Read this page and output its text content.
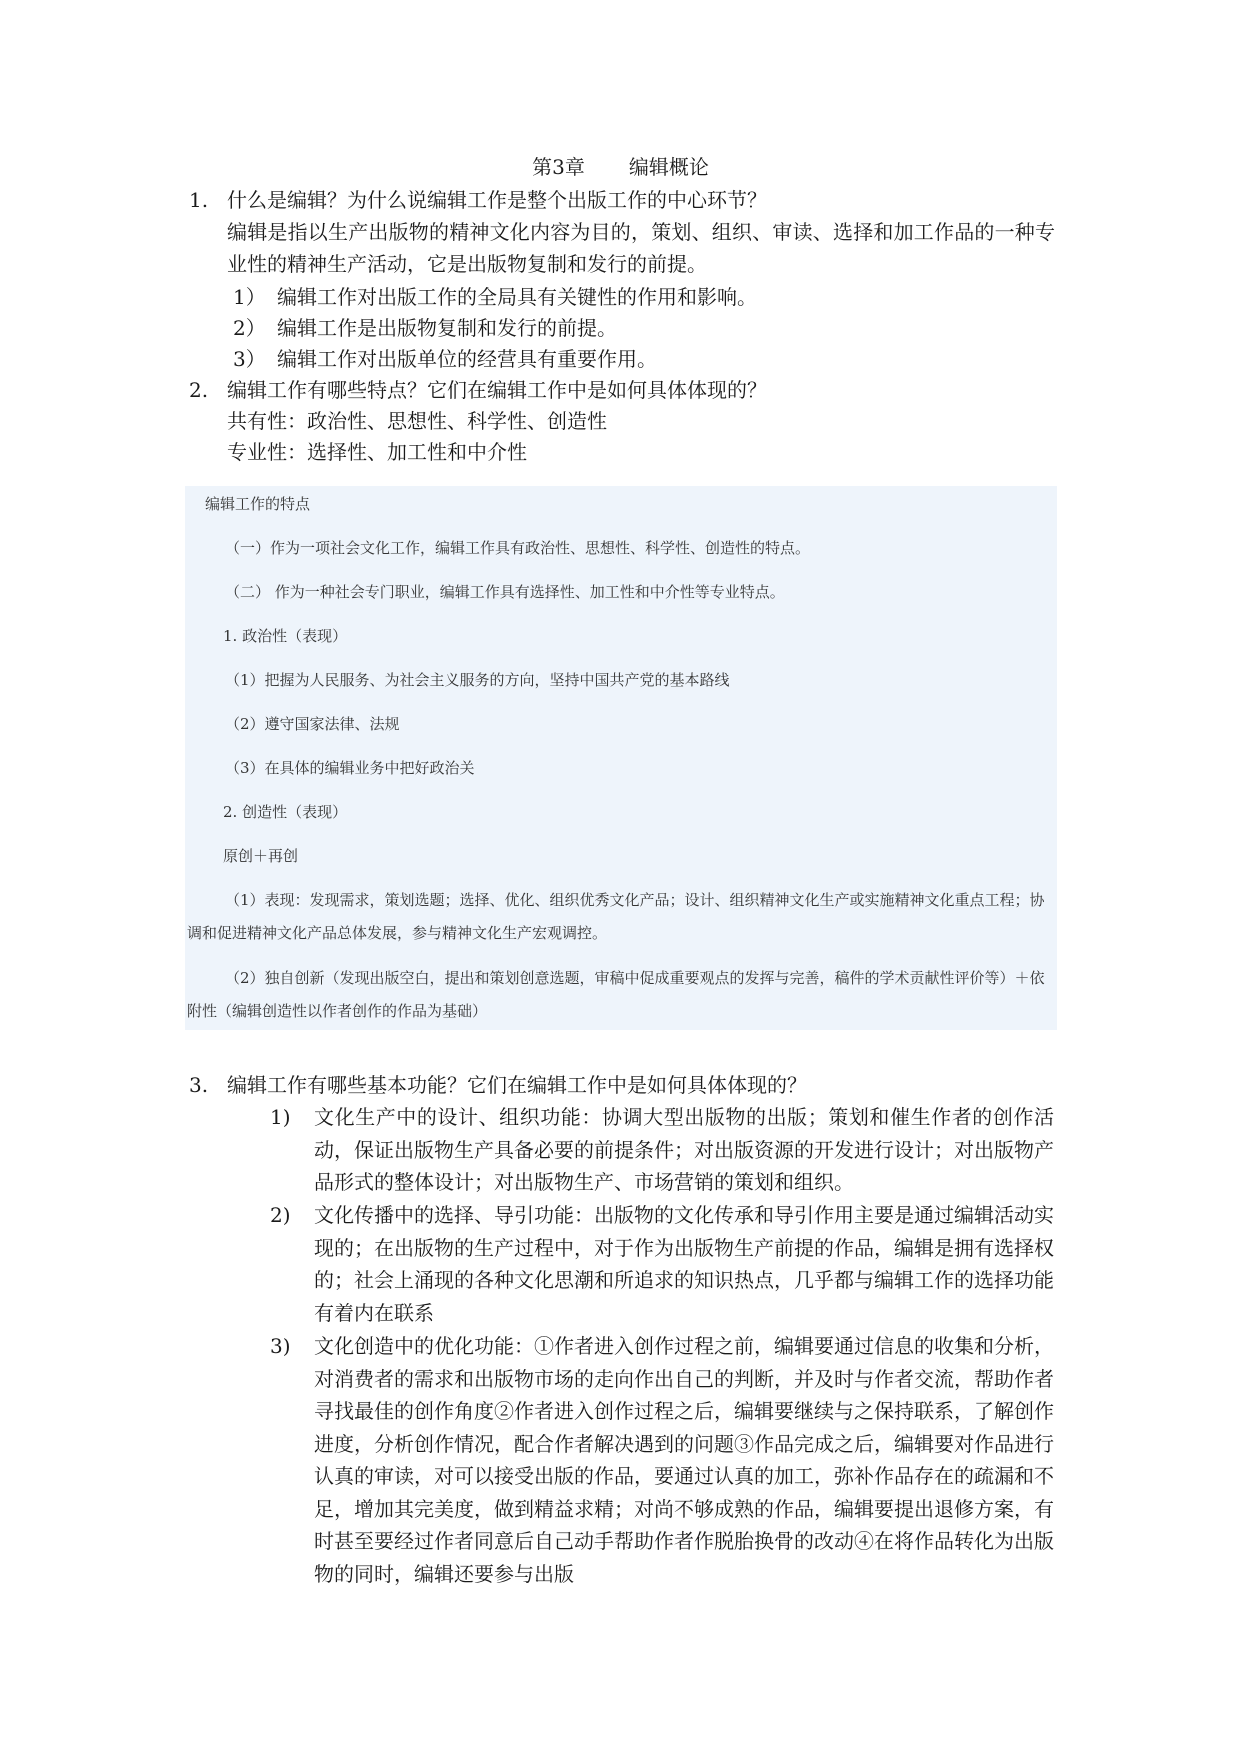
第3章 编辑概论
1. 什么是编辑？为什么说编辑工作是整个出版工作的中心环节？
编辑是指以生产出版物的精神文化内容为目的，策划、组织、审读、选择和加工作品的一种专业性的精神生产活动，它是出版物复制和发行的前提。
1） 编辑工作对出版工作的全局具有关键性的作用和影响。
2） 编辑工作是出版物复制和发行的前提。
3） 编辑工作对出版单位的经营具有重要作用。
2. 编辑工作有哪些特点？它们在编辑工作中是如何具体体现的？
共有性：政治性、思想性、科学性、创造性
专业性：选择性、加工性和中介性
编辑工作的特点
（一）作为一项社会文化工作，编辑工作具有政治性、思想性、科学性、创造性的特点。
（二） 作为一种社会专门职业，编辑工作具有选择性、加工性和中介性等专业特点。
1. 政治性（表现）
（1）把握为人民服务、为社会主义服务的方向，坚持中国共产党的基本路线
（2）遵守国家法律、法规
（3）在具体的编辑业务中把好政治关
2. 创造性（表现）
原创＋再创
（1）表现：发现需求，策划选题；选择、优化、组织优秀文化产品；设计、组织精神文化生产或实施精神文化重点工程；协调和促进精神文化产品总体发展，参与精神文化生产宏观调控。
（2）独自创新（发现出版空白，提出和策划创意选题，审稿中促成重要观点的发挥与完善，稿件的学术贡献性评价等）＋依附性（编辑创造性以作者创作的作品为基础）
3. 编辑工作有哪些基本功能？它们在编辑工作中是如何具体体现的？
1) 文化生产中的设计、组织功能：协调大型出版物的出版；策划和催生作者的创作活动，保证出版物生产具备必要的前提条件；对出版资源的开发进行设计；对出版物产品形式的整体设计；对出版物生产、市场营销的策划和组织。
2) 文化传播中的选择、导引功能：出版物的文化传承和导引作用主要是通过编辑活动实现的；在出版物的生产过程中，对于作为出版物生产前提的作品，编辑是拥有选择权的；社会上涌现的各种文化思潮和所追求的知识热点，几乎都与编辑工作的选择功能有着内在联系
3) 文化创造中的优化功能：①作者进入创作过程之前，编辑要通过信息的收集和分析，对消费者的需求和出版物市场的走向作出自己的判断，并及时与作者交流，帮助作者寻找最佳的创作角度②作者进入创作过程之后，编辑要继续与之保持联系，了解创作进度，分析创作情况，配合作者解决遇到的问题③作品完成之后，编辑要对作品进行认真的审读，对可以接受出版的作品，要通过认真的加工，弥补作品存在的疏漏和不足，增加其完美度，做到精益求精；对尚不够成熟的作品，编辑要提出退修方案，有时甚至要经过作者同意后自己动手帮助作者作脱胎换骨的改动④在将作品转化为出版物的同时，编辑还要参与出版
